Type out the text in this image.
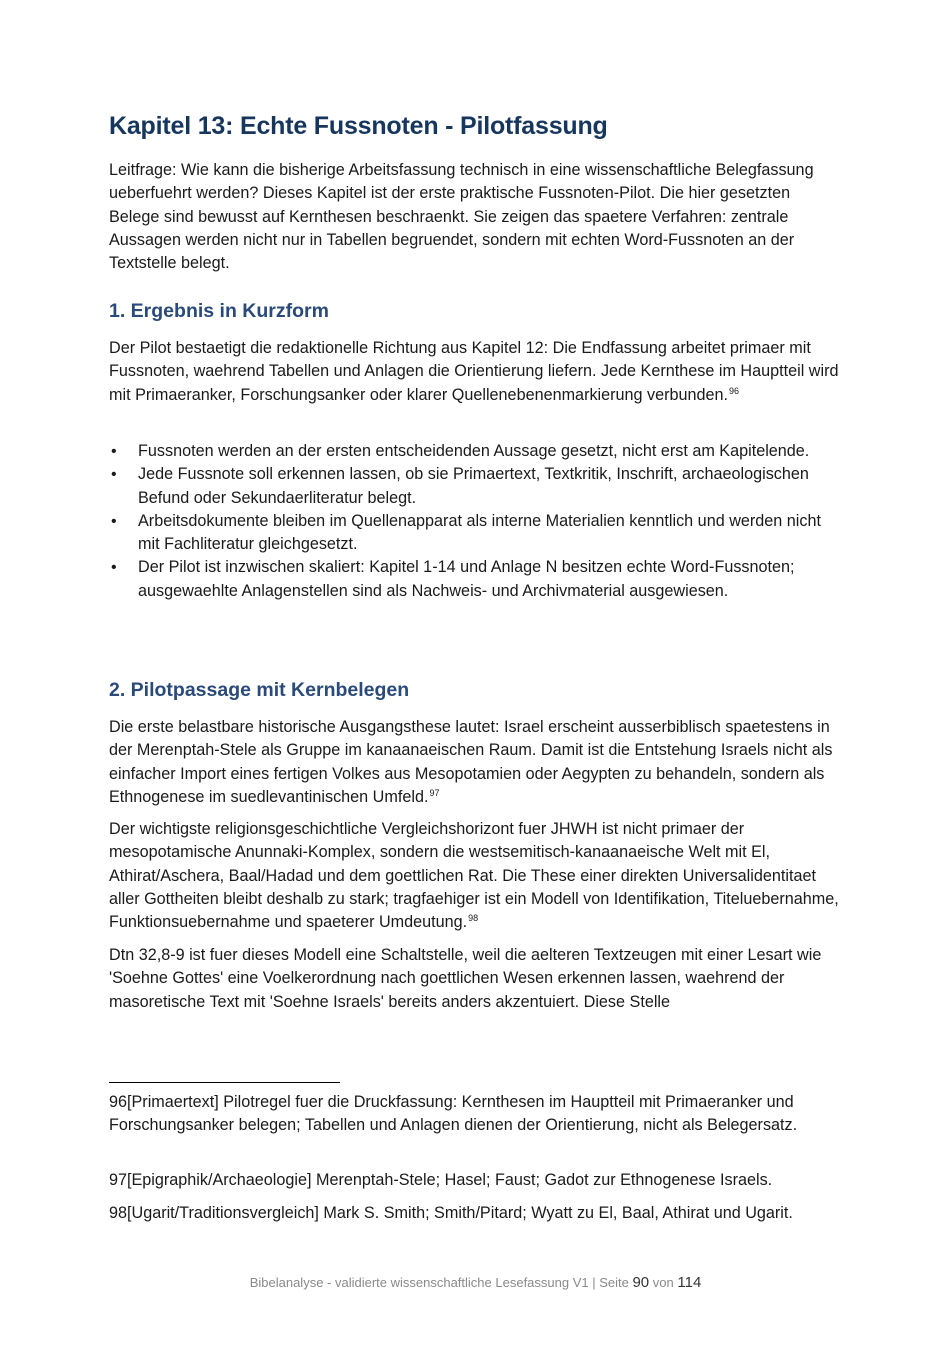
Kapitel 13: Echte Fussnoten - Pilotfassung

Leitfrage: Wie kann die bisherige Arbeitsfassung technisch in eine wissenschaftliche Belegfassung ueberfuehrt werden? Dieses Kapitel ist der erste praktische Fussnoten-Pilot. Die hier gesetzten Belege sind bewusst auf Kernthesen beschraenkt. Sie zeigen das spaetere Verfahren: zentrale Aussagen werden nicht nur in Tabellen begruendet, sondern mit echten Word-Fussnoten an der Textstelle belegt.

1. Ergebnis in Kurzform

Der Pilot bestaetigt die redaktionelle Richtung aus Kapitel 12: Die Endfassung arbeitet primaer mit Fussnoten, waehrend Tabellen und Anlagen die Orientierung liefern. Jede Kernthese im Hauptteil wird mit Primaeranker, Forschungsanker oder klarer Quellenebenenmarkierung verbunden.$^{96}$

• Fussnoten werden an der ersten entscheidenden Aussage gesetzt, nicht erst am Kapitelende.
• Jede Fussnote soll erkennen lassen, ob sie Primaertext, Textkritik, Inschrift, archaeologischen Befund oder Sekundaerliteratur belegt.
• Arbeitsdokumente bleiben im Quellenapparat als interne Materialien kenntlich und werden nicht mit Fachliteratur gleichgesetzt.
• Der Pilot ist inzwischen skaliert: Kapitel 1-14 und Anlage N besitzen echte Word-Fussnoten; ausgewaehlte Anlagenstellen sind als Nachweis- und Archivmaterial ausgewiesen.
2. Pilotpassage mit Kernbelegen

Die erste belastbare historische Ausgangsthese lautet: Israel erscheint ausserbiblisch spaetestens in der Merenptah-Stele als Gruppe im kanaanaeischen Raum. Damit ist die Entstehung Israels nicht als einfacher Import eines fertigen Volkes aus Mesopotamien oder Aegypten zu behandeln, sondern als Ethnogenese im suedlevantinischen Umfeld.$^{97}$

Der wichtigste religionsgeschichtliche Vergleichshorizont fuer JHWH ist nicht primaer der mesopotamische Anunnaki-Komplex, sondern die westsemitisch-kanaanaeische Welt mit El, Athirat/Aschera, Baal/Hadad und dem goettlichen Rat. Die These einer direkten Universalidentitaet aller Gottheiten bleibt deshalb zu stark; tragfaehiger ist ein Modell von Identifikation, Titeluebernahme, Funktionsuebernahme und spaeterer Umdeutung.$^{98}$

Dtn 32,8-9 ist fuer dieses Modell eine Schaltstelle, weil die aelteren Textzeugen mit einer Lesart wie 'Soehne Gottes' eine Voelkerordnung nach goettlichen Wesen erkennen lassen, waehrend der masoretische Text mit 'Soehne Israels' bereits anders akzentuiert. Diese Stelle

96[Primaertext] Pilotregel fuer die Druckfassung: Kernthesen im Hauptteil mit Primaeranker und Forschungsanker belegen; Tabellen und Anlagen dienen der Orientierung, nicht als Belegersatz.

97[Epigraphik/Archaeologie] Merenptah-Stele; Hasel; Faust; Gadot zur Ethnogenese Israels.

98[Ugarit/Traditionsvergleich] Mark S. Smith; Smith/Pitard; Wyatt zu El, Baal, Athirat und Ugarit.

Bibelanalyse - validierte wissenschaftliche Lesefassung V1 | Seite 90 von 114
